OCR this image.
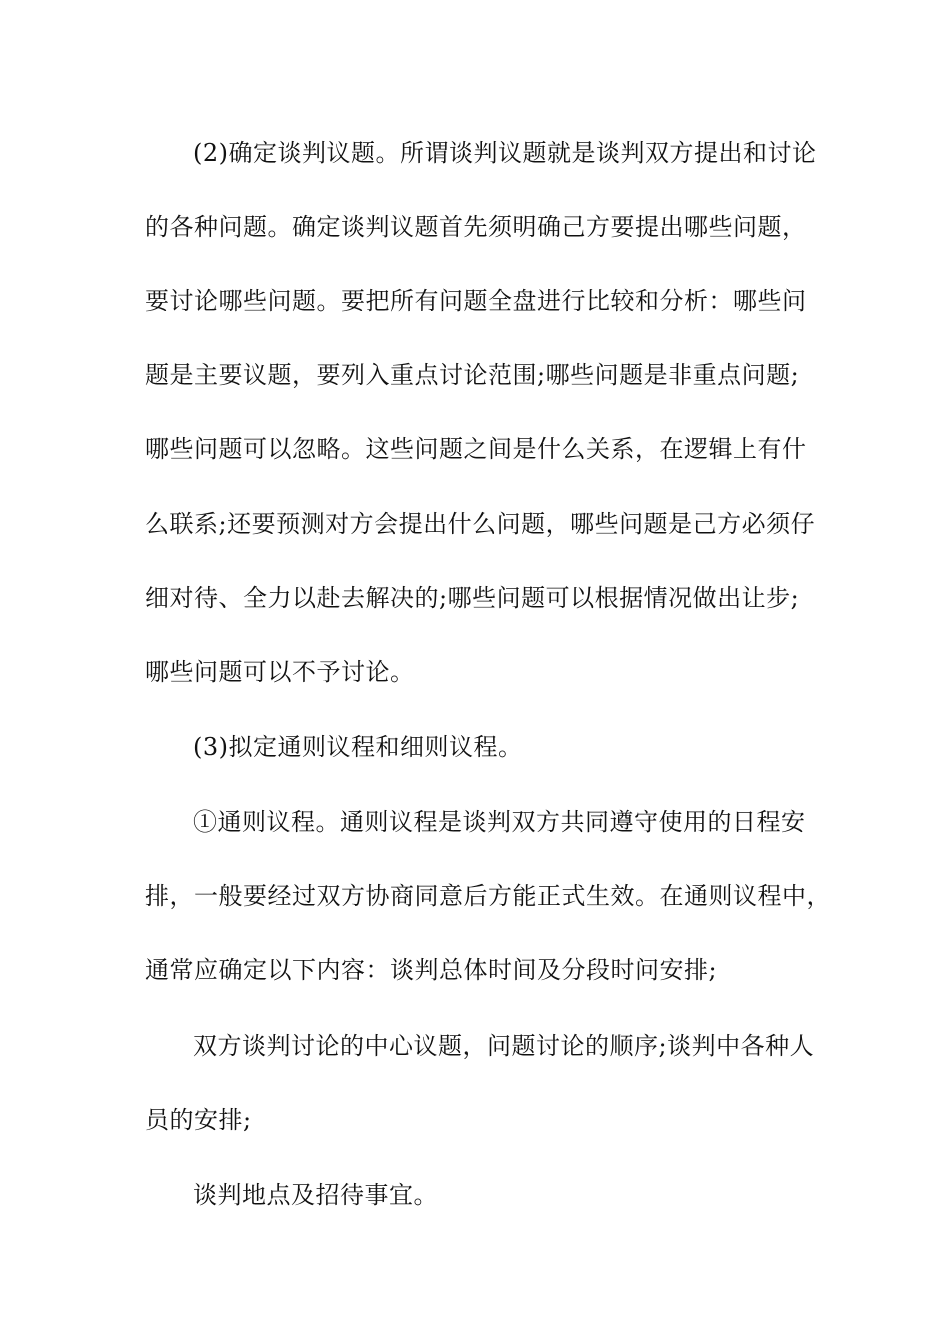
(2)确定谈判议题。所谓谈判议题就是谈判双方提出和讨论
的各种问题。确定谈判议题首先须明确己方要提出哪些问题，
要讨论哪些问题。要把所有问题全盘进行比较和分析：哪些问
题是主要议题，要列入重点讨论范围;哪些问题是非重点问题;
哪些问题可以忽略。这些问题之间是什么关系，在逻辑上有什
么联系;还要预测对方会提出什么问题，哪些问题是己方必须仔
细对待、全力以赴去解决的;哪些问题可以根据情况做出让步;
哪些问题可以不予讨论。
(3)拟定通则议程和细则议程。
①通则议程。通则议程是谈判双方共同遵守使用的日程安
排，一般要经过双方协商同意后方能正式生效。在通则议程中，
通常应确定以下内容：谈判总体时间及分段时问安排;
双方谈判讨论的中心议题，问题讨论的顺序;谈判中各种人
员的安排;
谈判地点及招待事宜。
